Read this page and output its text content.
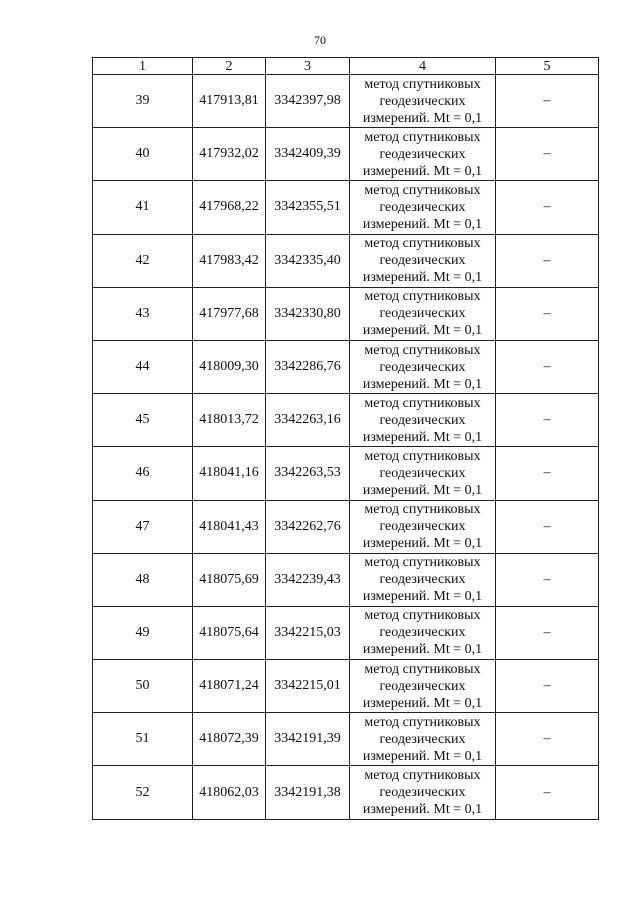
70
1	2	3	4	5
39	417913,81	3342397,98	метод спутниковых
геодезических
измерений. Mt = 0,1	–
40	417932,02	3342409,39	метод спутниковых
геодезических
измерений. Mt = 0,1	–
41	417968,22	3342355,51	метод спутниковых
геодезических
измерений. Mt = 0,1	–
42	417983,42	3342335,40	метод спутниковых
геодезических
измерений. Mt = 0,1	–
43	417977,68	3342330,80	метод спутниковых
геодезических
измерений. Mt = 0,1	–
44	418009,30	3342286,76	метод спутниковых
геодезических
измерений. Mt = 0,1	–
45	418013,72	3342263,16	метод спутниковых
геодезических
измерений. Mt = 0,1	–
46	418041,16	3342263,53	метод спутниковых
геодезических
измерений. Mt = 0,1	–
47	418041,43	3342262,76	метод спутниковых
геодезических
измерений. Mt = 0,1	–
48	418075,69	3342239,43	метод спутниковых
геодезических
измерений. Mt = 0,1	–
49	418075,64	3342215,03	метод спутниковых
геодезических
измерений. Mt = 0,1	–
50	418071,24	3342215,01	метод спутниковых
геодезических
измерений. Mt = 0,1	–
51	418072,39	3342191,39	метод спутниковых
геодезических
измерений. Mt = 0,1	–
52	418062,03	3342191,38	метод спутниковых
геодезических
измерений. Mt = 0,1	–
